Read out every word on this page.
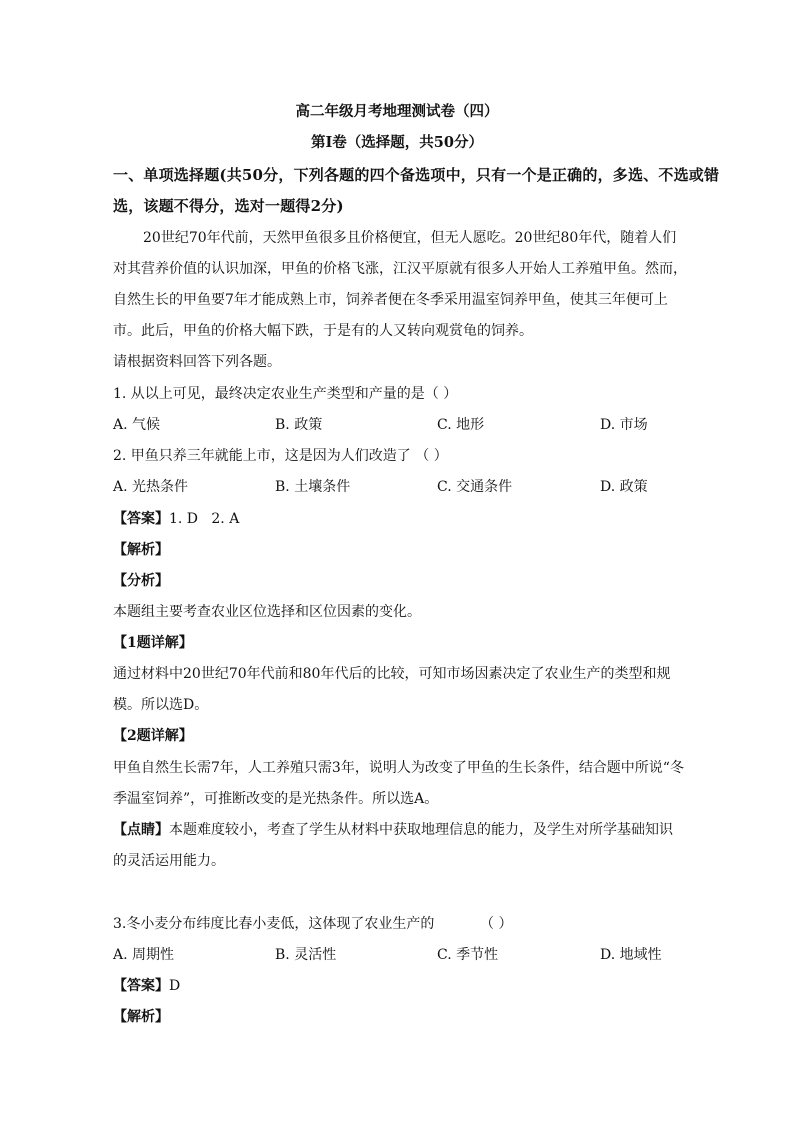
高二年级月考地理测试卷（四）
第Ⅰ卷（选择题，共50分）
一、单项选择题(共50分，下列各题的四个备选项中，只有一个是正确的，多选、不选或错
选，该题不得分，选对一题得2分)
20世纪70年代前，天然甲鱼很多且价格便宜，但无人愿吃。20世纪80年代，随着人们
对其营养价值的认识加深，甲鱼的价格飞涨，江汉平原就有很多人开始人工养殖甲鱼。然而，
自然生长的甲鱼要7年才能成熟上市，饲养者便在冬季采用温室饲养甲鱼，使其三年便可上
市。此后，甲鱼的价格大幅下跌，于是有的人又转向观赏龟的饲养。
请根据资料回答下列各题。
1. 从以上可见，最终决定农业生产类型和产量的是（ ）
A. 气候	B. 政策	C. 地形	D. 市场
2. 甲鱼只养三年就能上市，这是因为人们改造了 （ ）
A. 光热条件	B. 土壤条件	C. 交通条件	D. 政策
【答案】1. D   2. A
【解析】
【分析】
本题组主要考查农业区位选择和区位因素的变化。
【1题详解】
通过材料中20世纪70年代前和80年代后的比较，可知市场因素决定了农业生产的类型和规
模。所以选D。
【2题详解】
甲鱼自然生长需7年，人工养殖只需3年，说明人为改变了甲鱼的生长条件，结合题中所说“冬
季温室饲养”，可推断改变的是光热条件。所以选A。
【点睛】本题难度较小，考查了学生从材料中获取地理信息的能力，及学生对所学基础知识
的灵活运用能力。
3.冬小麦分布纬度比春小麦低，这体现了农业生产的	（ ）
A. 周期性	B. 灵活性	C. 季节性	D. 地域性
【答案】D
【解析】
